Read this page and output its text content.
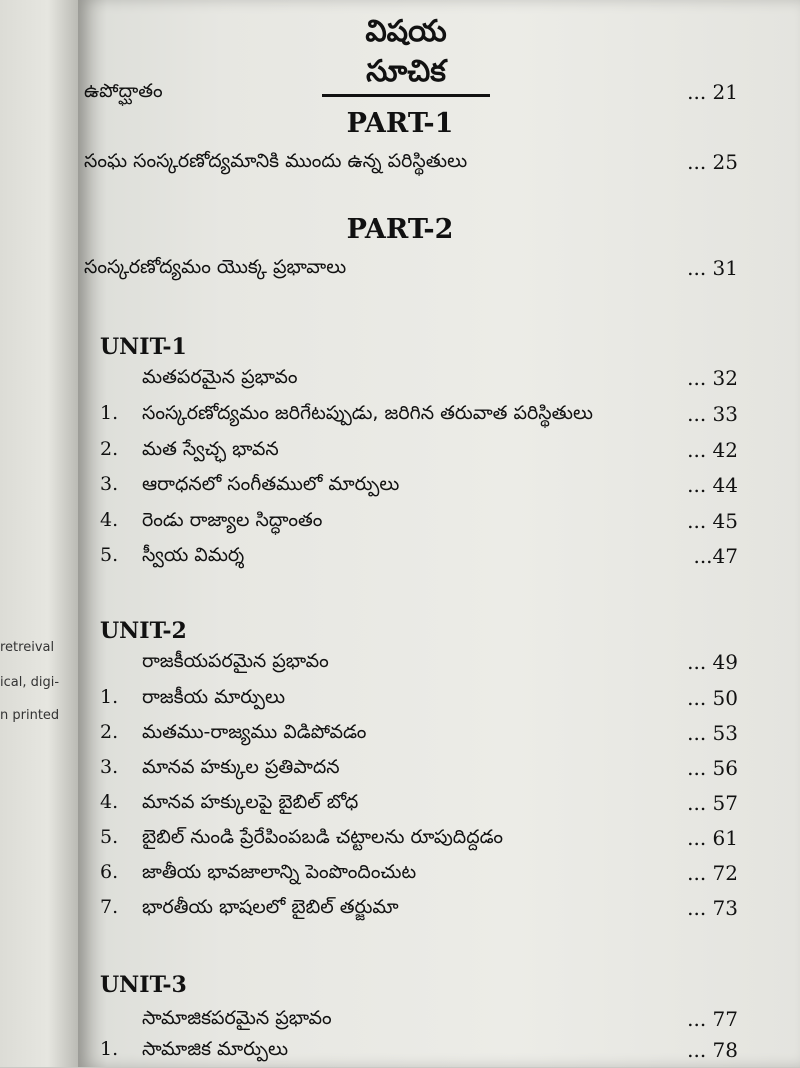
retreival
ical, digi-
n printed
విషయ సూచిక
ఉపోద్ఘాతం	... 21
PART-1
సంఘ సంస్కరణోద్యమానికి ముందు ఉన్న పరిస్థితులు	... 25
PART-2
సంస్కరణోద్యమం యొక్క ప్రభావాలు	... 31
UNIT-1
మతపరమైన ప్రభావం	... 32
1. సంస్కరణోద్యమం జరిగేటప్పుడు, జరిగిన తరువాత పరిస్థితులు	... 33
2. మత స్వేచ్ఛ భావన	... 42
3. ఆరాధనలో సంగీతములో మార్పులు	... 44
4. రెండు రాజ్యాల సిద్ధాంతం	... 45
5. స్వీయ విమర్శ	...47
UNIT-2
రాజకీయపరమైన ప్రభావం	... 49
1. రాజకీయ మార్పులు	... 50
2. మతము-రాజ్యము విడిపోవడం	... 53
3. మానవ హక్కుల ప్రతిపాదన	... 56
4. మానవ హక్కులపై బైబిల్ బోధ	... 57
5. బైబిల్ నుండి ప్రేరేపింపబడి చట్టాలను రూపుదిద్దడం	... 61
6. జాతీయ భావజాలాన్ని పెంపొందించుట	... 72
7. భారతీయ భాషలలో బైబిల్ తర్జుమా	... 73
UNIT-3
సామాజికపరమైన ప్రభావం	... 77
1. సామాజిక మార్పులు	... 78
